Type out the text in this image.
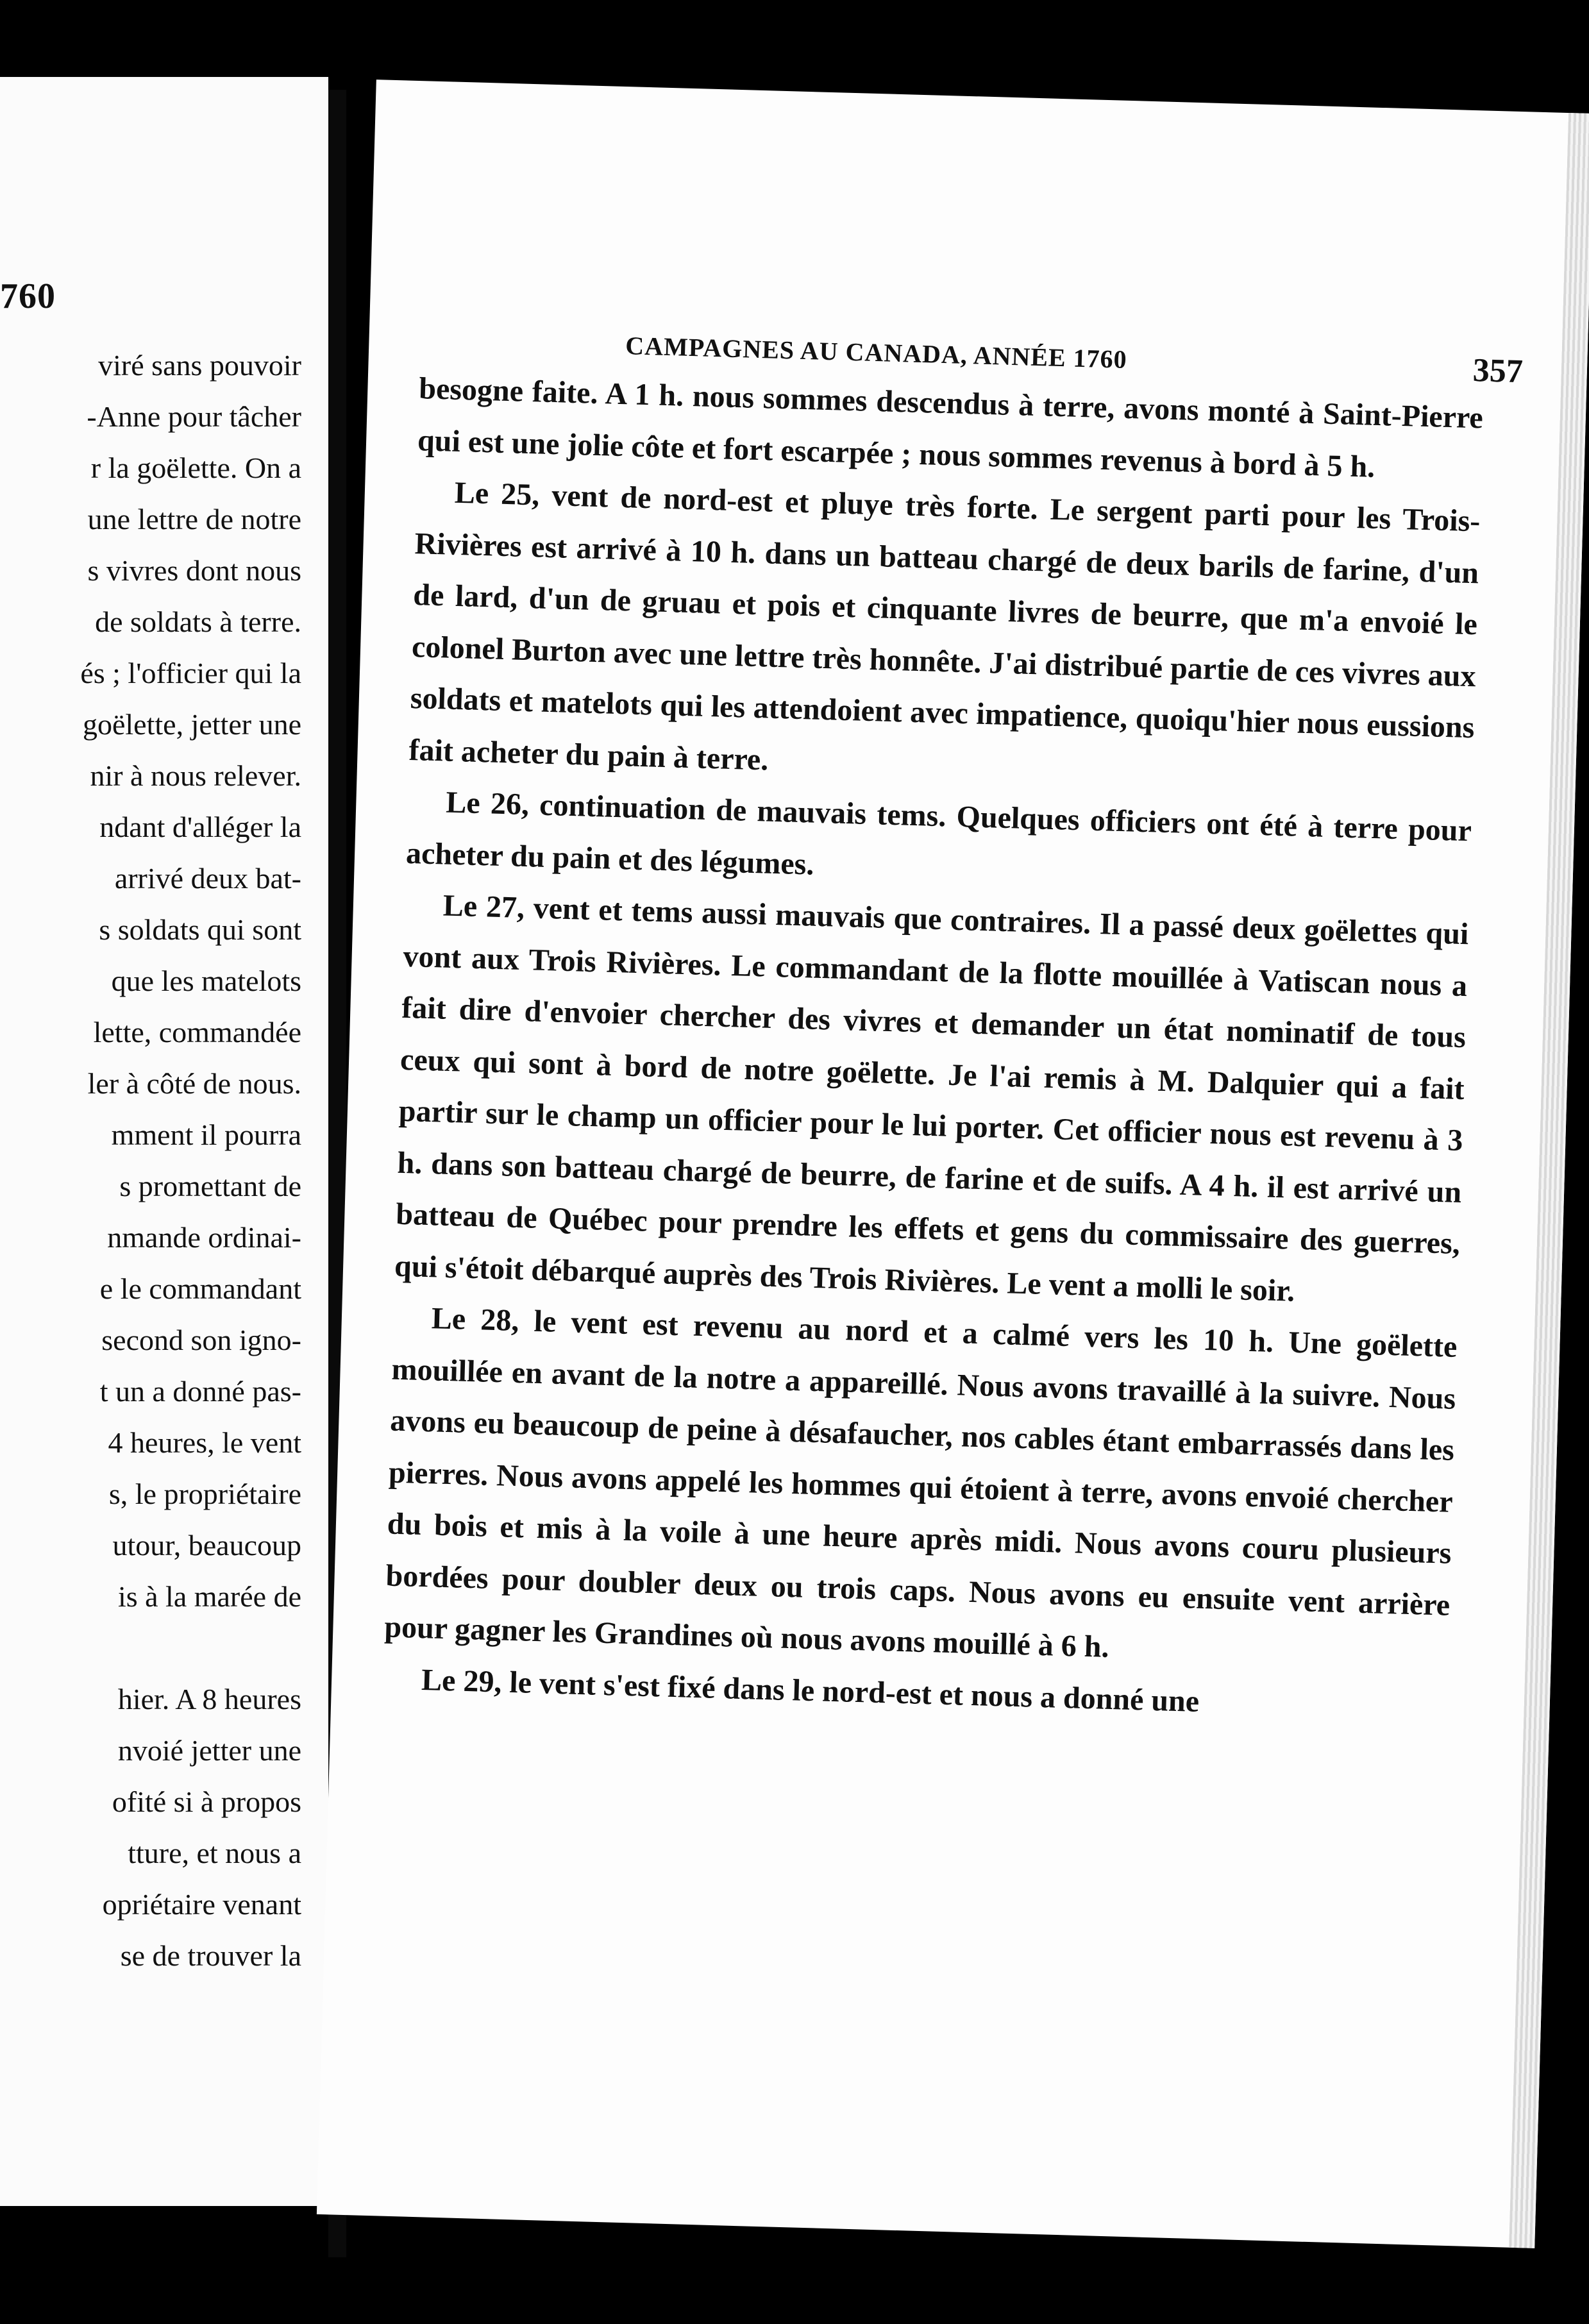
760
viré sans pouvoir
-Anne pour tâcher
r la goëlette. On a
une lettre de notre
s vivres dont nous
de soldats à terre.
és ; l'officier qui la
goëlette, jetter une
nir à nous relever.
ndant d'alléger la
arrivé deux bat-
s soldats qui sont
que les matelots
lette, commandée
ler à côté de nous.
mment il pourra
s promettant de
nmande ordinai-
e le commandant
second son igno-
t un a donné pas-
4 heures, le vent
s, le propriétaire
utour, beaucoup
is à la marée de
hier. A 8 heures
nvoié jetter une
ofité si à propos
tture, et nous a
opriétaire venant
se de trouver la
CAMPAGNES AU CANADA, ANNÉE 1760	357

besogne faite. A 1 h. nous sommes descendus à terre, avons monté à Saint-Pierre qui est une jolie côte et fort escarpée ; nous sommes revenus à bord à 5 h.

Le 25, vent de nord-est et pluye très forte. Le sergent parti pour les Trois-Rivières est arrivé à 10 h. dans un batteau chargé de deux barils de farine, d'un de lard, d'un de gruau et pois et cinquante livres de beurre, que m'a envoié le colonel Burton avec une lettre très honnête. J'ai distribué partie de ces vivres aux soldats et matelots qui les attendoient avec impatience, quoiqu'hier nous eussions fait acheter du pain à terre.

Le 26, continuation de mauvais tems. Quelques officiers ont été à terre pour acheter du pain et des légumes.

Le 27, vent et tems aussi mauvais que contraires. Il a passé deux goëlettes qui vont aux Trois Rivières. Le commandant de la flotte mouillée à Vatiscan nous a fait dire d'envoier chercher des vivres et demander un état nominatif de tous ceux qui sont à bord de notre goëlette. Je l'ai remis à M. Dalquier qui a fait partir sur le champ un officier pour le lui porter. Cet officier nous est revenu à 3 h. dans son batteau chargé de beurre, de farine et de suifs. A 4 h. il est arrivé un batteau de Québec pour prendre les effets et gens du commissaire des guerres, qui s'étoit débarqué auprès des Trois Rivières. Le vent a molli le soir.

Le 28, le vent est revenu au nord et a calmé vers les 10 h. Une goëlette mouillée en avant de la notre a appareillé. Nous avons travaillé à la suivre. Nous avons eu beaucoup de peine à désafaucher, nos cables étant embarrassés dans les pierres. Nous avons appelé les hommes qui étoient à terre, avons envoié chercher du bois et mis à la voile à une heure après midi. Nous avons couru plusieurs bordées pour doubler deux ou trois caps. Nous avons eu ensuite vent arrière pour gagner les Grandines où nous avons mouillé à 6 h.

Le 29, le vent s'est fixé dans le nord-est et nous a donné une
